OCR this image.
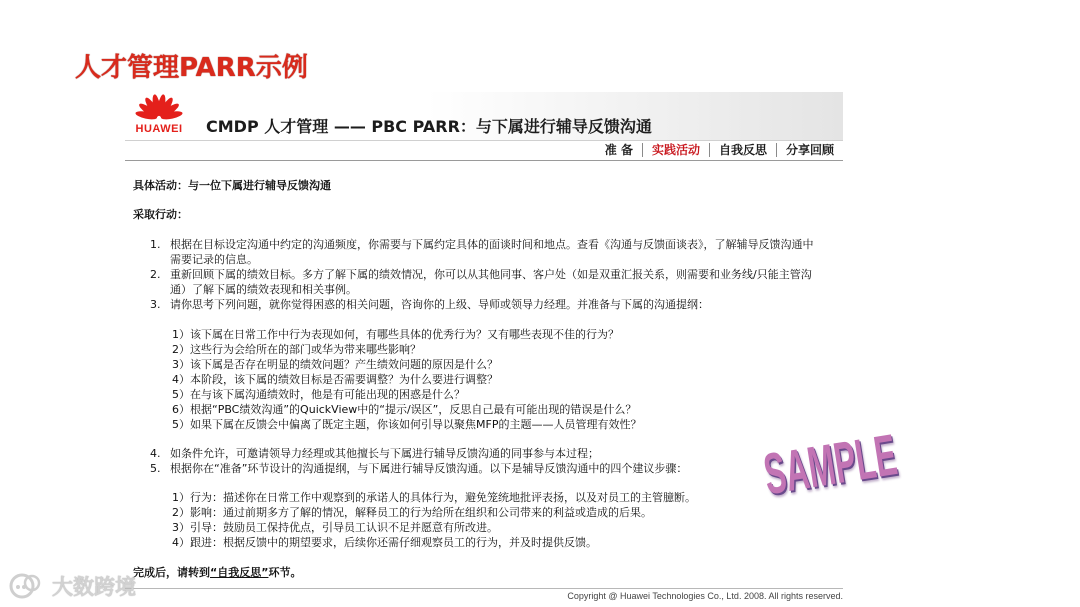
人才管理PARR示例
HUAWEI CMDP 人才管理 —— PBC PARR：与下属进行辅导反馈沟通
准 备	实践活动	自我反思	分享回顾
具体活动：与一位下属进行辅导反馈沟通
采取行动：
1. 根据在目标设定沟通中约定的沟通频度，你需要与下属约定具体的面谈时间和地点。查看《沟通与反馈面谈表》，了解辅导反馈沟通中
需要记录的信息。
2. 重新回顾下属的绩效目标。多方了解下属的绩效情况，你可以从其他同事、客户处（如是双重汇报关系，则需要和业务线/只能主管沟
通）了解下属的绩效表现和相关事例。
3. 请你思考下列问题，就你觉得困惑的相关问题，咨询你的上级、导师或领导力经理。并准备与下属的沟通提纲：
1）该下属在日常工作中行为表现如何，有哪些具体的优秀行为？又有哪些表现不佳的行为？
2）这些行为会给所在的部门或华为带来哪些影响？
3）该下属是否存在明显的绩效问题？产生绩效问题的原因是什么？
4）本阶段，该下属的绩效目标是否需要调整？为什么要进行调整？
5）在与该下属沟通绩效时，他是有可能出现的困惑是什么？
6）根据“PBC绩效沟通”的QuickView中的“提示/误区”，反思自己最有可能出现的错误是什么？
5）如果下属在反馈会中偏离了既定主题，你该如何引导以聚焦MFP的主题——人员管理有效性？
4. 如条件允许，可邀请领导力经理或其他擅长与下属进行辅导反馈沟通的同事参与本过程；
5. 根据你在“准备”环节设计的沟通提纲，与下属进行辅导反馈沟通。以下是辅导反馈沟通中的四个建议步骤：
1）行为：描述你在日常工作中观察到的承诺人的具体行为，避免笼统地批评表扬，以及对员工的主管臆断。
2）影响：通过前期多方了解的情况，解释员工的行为给所在组织和公司带来的利益或造成的后果。
3）引导：鼓励员工保持优点，引导员工认识不足并愿意有所改进。
4）跟进：根据反馈中的期望要求，后续你还需仔细观察员工的行为，并及时提供反馈。
完成后，请转到“自我反思”环节。
Copyright @ Huawei Technologies Co., Ltd. 2008. All rights reserved.
SAMPLE
大数跨境
